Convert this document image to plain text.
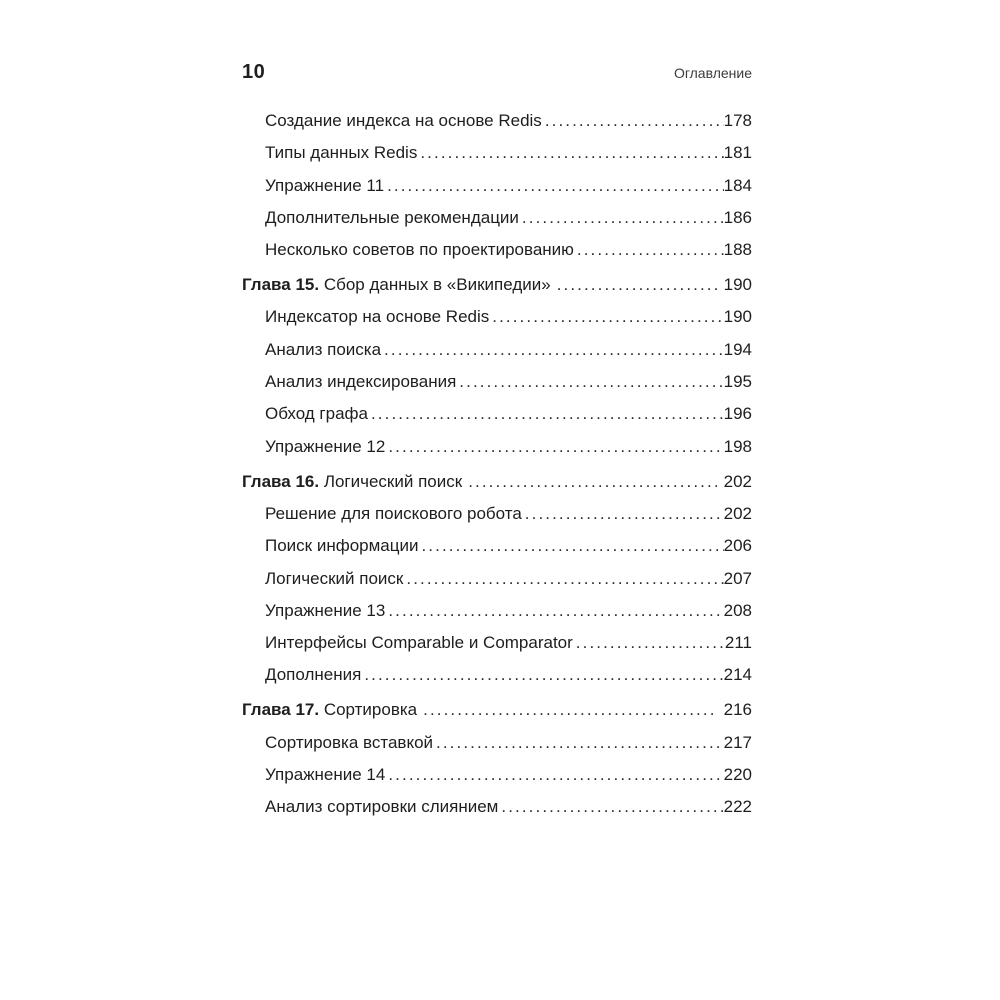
10	Оглавление
Создание индекса на основе Redis .....	178
Типы данных Redis .....	181
Упражнение 11 .....	184
Дополнительные рекомендации .....	186
Несколько советов по проектированию .....	188
Глава 15. Сбор данных в «Википедии» .....	190
Индексатор на основе Redis .....	190
Анализ поиска .....	194
Анализ индексирования .....	195
Обход графа .....	196
Упражнение 12 .....	198
Глава 16. Логический поиск .....	202
Решение для поискового робота .....	202
Поиск информации .....	206
Логический поиск .....	207
Упражнение 13 .....	208
Интерфейсы Comparable и Comparator .....	211
Дополнения .....	214
Глава 17. Сортировка .....	216
Сортировка вставкой .....	217
Упражнение 14 .....	220
Анализ сортировки слиянием .....	222
